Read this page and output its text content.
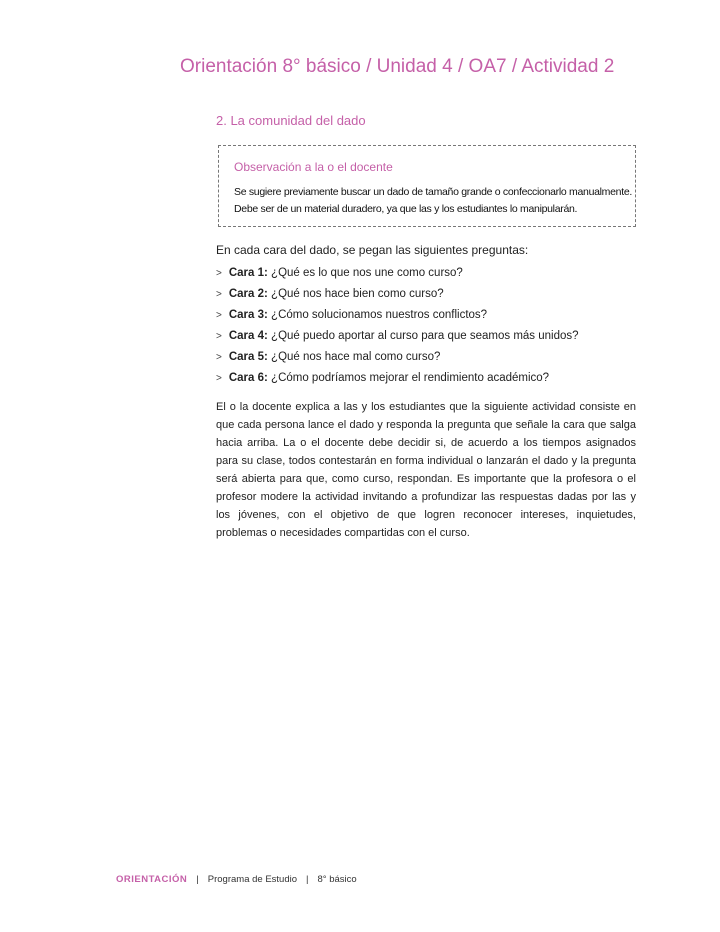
Orientación 8° básico / Unidad 4 / OA7 / Actividad 2
2. La comunidad del dado
Observación a la o el docente
Se sugiere previamente buscar un dado de tamaño grande o confeccionarlo manualmente.
Debe ser de un material duradero, ya que las y los estudiantes lo manipularán.
En cada cara del dado, se pegan las siguientes preguntas:
> Cara 1: ¿Qué es lo que nos une como curso?
> Cara 2: ¿Qué nos hace bien como curso?
> Cara 3: ¿Cómo solucionamos nuestros conflictos?
> Cara 4: ¿Qué puedo aportar al curso para que seamos más unidos?
> Cara 5: ¿Qué nos hace mal como curso?
> Cara 6: ¿Cómo podríamos mejorar el rendimiento académico?
El o la docente explica a las y los estudiantes que la siguiente actividad consiste en que cada persona lance el dado y responda la pregunta que señale la cara que salga hacia arriba. La o el docente debe decidir si, de acuerdo a los tiempos asignados para su clase, todos contestarán en forma individual o lanzarán el dado y la pregunta será abierta para que, como curso, respondan. Es importante que la profesora o el profesor modere la actividad invitando a profundizar las respuestas dadas por las y los jóvenes, con el objetivo de que logren reconocer intereses, inquietudes, problemas o necesidades compartidas con el curso.
ORIENTACIÓN | Programa de Estudio | 8° básico
